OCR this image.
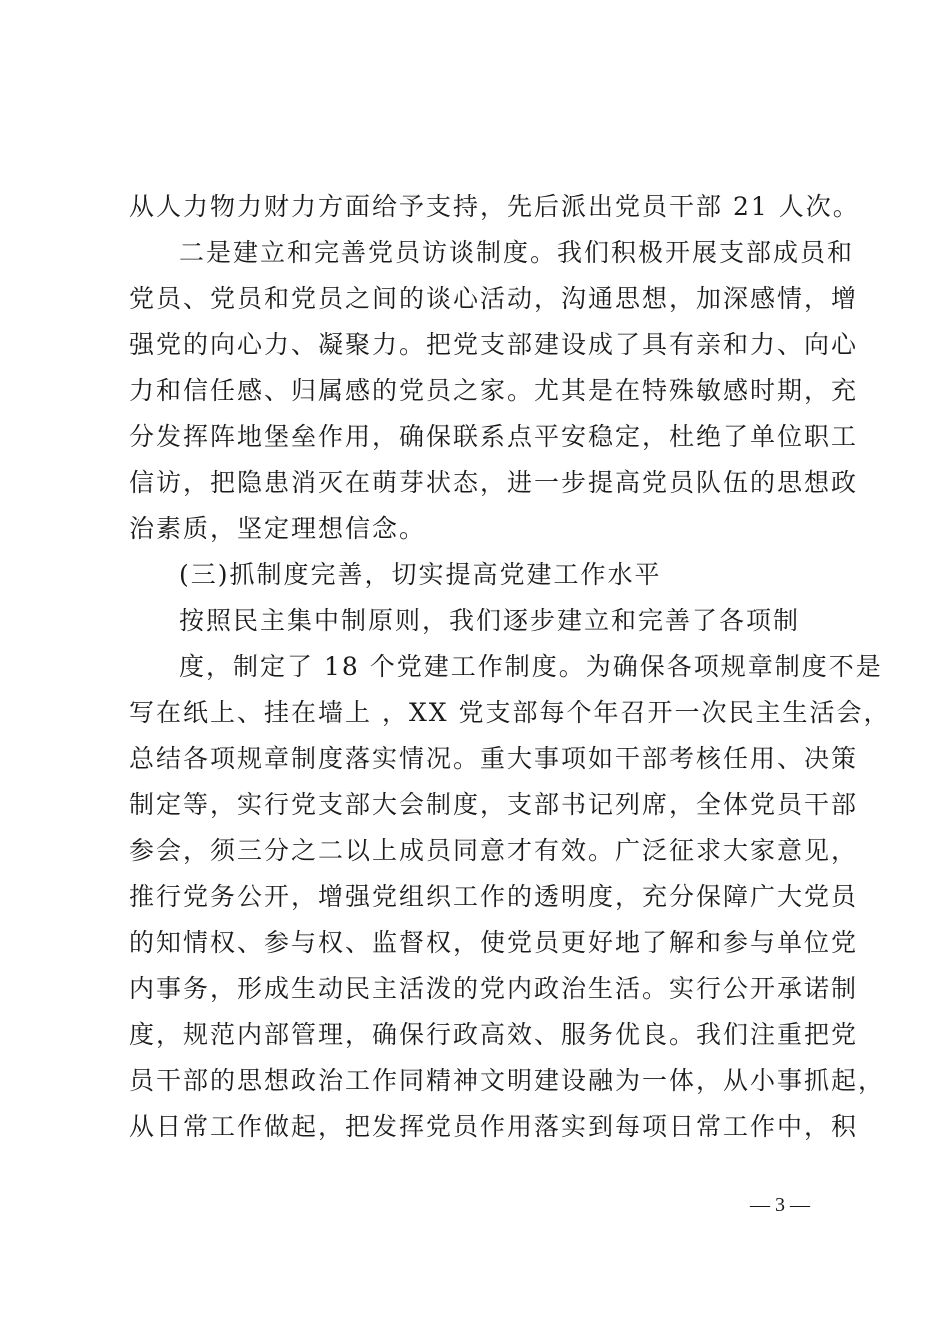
从人力物力财力方面给予支持，先后派出党员干部 21 人次。
二是建立和完善党员访谈制度。我们积极开展支部成员和
党员、党员和党员之间的谈心活动，沟通思想，加深感情，增
强党的向心力、凝聚力。把党支部建设成了具有亲和力、向心
力和信任感、归属感的党员之家。尤其是在特殊敏感时期，充
分发挥阵地堡垒作用，确保联系点平安稳定，杜绝了单位职工
信访，把隐患消灭在萌芽状态，进一步提高党员队伍的思想政
治素质，坚定理想信念。
(三)抓制度完善，切实提高党建工作水平
按照民主集中制原则，我们逐步建立和完善了各项制
度，制定了 18 个党建工作制度。为确保各项规章制度不是
写在纸上、挂在墙上 ，XX 党支部每个年召开一次民主生活会，
总结各项规章制度落实情况。重大事项如干部考核任用、决策
制定等，实行党支部大会制度，支部书记列席，全体党员干部
参会，须三分之二以上成员同意才有效。广泛征求大家意见，
推行党务公开，增强党组织工作的透明度，充分保障广大党员
的知情权、参与权、监督权，使党员更好地了解和参与单位党
内事务，形成生动民主活泼的党内政治生活。实行公开承诺制
度，规范内部管理，确保行政高效、服务优良。我们注重把党
员干部的思想政治工作同精神文明建设融为一体，从小事抓起，
从日常工作做起，把发挥党员作用落实到每项日常工作中，积
— 3 —
